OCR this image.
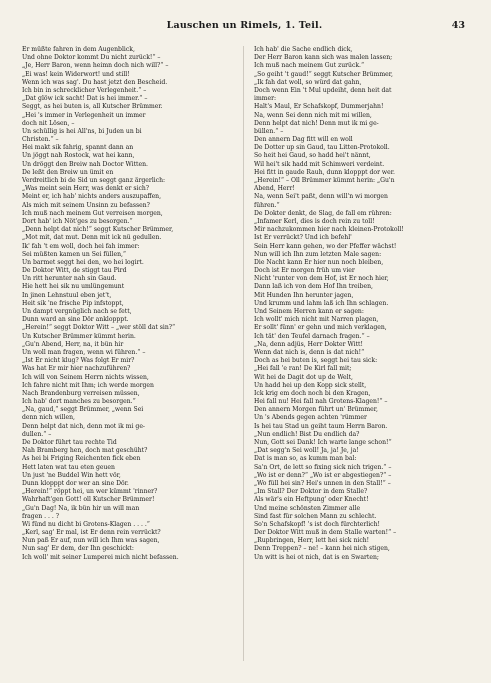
Lauschen un Rimels, 1. Teil.	43
Er müßte fahren in dem Augenblick,
Und ohne Doktor kommt Du nicht zurück!“ –
„Je, Herr Baron, wenn heimn doch nich will?“ –
„Ei was! kein Widerwort! und still!
Wenn ich was sag'. Du hast jetzt den Bescheid.
Ich bin in schrecklicher Verlegenheit.“ –
„Dat glöw ick sacht! Dat is hei immer.“ –
Seggt, as hei buten is, all Kutscher Brümmer.
„Hei 's immer in Verlegenheit un immer
doch nit Lösen, –
Un schüllig is hei All'ns, bi Juden un bi
Christen.“ –
Hei makt sik fahrig, spannt dann an
Un jöggt nah Rostock, wat hei kann,
Un dröggt den Breiw nah Doctor Witten.
De leßt den Breiw un ümit en
Verdreitlich bi de Sid un seggt ganz ärgerlich:
„Was meint sein Herr, was denkt er sich?
Meint er, ich hab' nichts anders auszupaffen,
Als mich mit seinem Unsinn zu befassen?
Ich muß nach meinem Gut verreisen morgen,
Dort hab' ich Nöt'ges zu besorgen.“
„Denn helpt dat nich!“ seggt Kutscher Brümmer,
„Mot mit, dat mut. Denn mit ick nü gedullen.
Ik' fah 't em woll, doch hei fah immer:
Sei müßten kamen un Sei füllen,“
Un barmet seggt hei den, wo hei logirt.
De Doktor Witt, de stiggt tau Pird
Un ritt herunter nah sin Gaud.
Hie hett hei sik nu umlüngemunt
In jinen Lehnstuul eben jet't,
Heit sik 'ne frische Pip infstoppt,
Un dampt vergnüglich nach se fett,
Dunn ward an sine Dör anklopppt.
„Herein!“ seggt Doktor Witt – „wer stöll dat sin?“
Un Kutscher Brümmer kümmt herin.
„Gu'n Abend, Herr, na, it bün hir
Un woll man fragen, wenn wi führen.“ –
„Ist Er nicht klug? Was folgt Er mir?
Was hat Er mir hier nachzuführen?
Ich will von Seinem Herrn nichts wissen,
Ich fahre nicht mit Ihm; ich werde morgen
Nach Brandenburg verreisen müssen,
Ich hab' dort manches zu besorgen.“
„Na, gaud,“ seggt Brümmer, „wenn Sei
denn nich willen,
Denn helpt dat nich, denn mot ik mi ge-
dullen.“ –
De Doktor führt tau rechte Tid
Nah Bramberg hen, doch mat geschüht?
As hei bi Friging Reichenten fick eben
Hett laten wat tau eten geuen
Un just 'ne Buddel Win hett vör,
Dunn klopppt dor wer an sine Dör.
„Herein!“ röppt hei, un wer kümmt 'rinner?
Wahrhaft'gen Gott! oll Kutscher Brümmer!
„Gu'n Dag! Na, ik bün hir un will man
fragen . . . ?
Wi fünd nu dicht bi Grotens-Klagen . . . .“
„Kerl, sag' Er mal, ist Er denn rein verrückt?
Nun paß Er auf, nun will ich Ihm was sagen,
Nun sag' Er dem, der Ihn geschickt:
Ich woll' mit seiner Lumperei mich nicht befassen.
Ich hab' die Sache endlich dick,
Der Herr Baron kann sich was malen lassen;
Ich muß nach meinem Gut zurück.“
„So geiht 't gaud!“ seggt Kutscher Brümmer,
„Ik fah dat woll, so würd dat gahn,
Doch wenn Ein 't Mul updeiht, denn heit dat
immer:
Halt's Maul, Er Schafskopf, Dummerjahn!
Na, wenn Sei denn nich mit mi willen,
Denn helpt dat nich! Denn mut ik mi ge-
büllen.“ –
Den annern Dag fitt will en woll
De Dotter up sin Gaud, tau Litten-Protokoll.
So heit hei Gaud, so hadd hei't nännt,
Wil hei't sik hadd mit Schimweri verdeint.
Hei fitt in gaude Rauh, dunn klopppt dor wer.
„Herein!“ – Oll Brümmer kümmt herin: „Gu'n
Abend, Herr!
Na, wenn Sei't paßt, denn will'n wi morgen
führen.“
De Dokter denkt, de Slag, de fall em rühren:
„Infamer Kerl, dies is doch rein zu toll!
Mir nachzukommen hier nach kleinen-Protokoll!
Ist Er verrückt? Und ich befehl'
Sein Herr kann gehen, wo der Pfeffer wächst!
Nun will ich Ihn zum letzten Male sagen:
Die Nacht kann Er hier nun noch bleiben,
Doch ist Er morgen früh um vier
Nicht 'runter von dem Hof, ist Er noch hier,
Dann laß ich von dem Hof Ihn treiben,
Mit Hunden Ihn herunter jagen,
Und krumm und lahm laß ich Ihn schlagen.
Und Seinem Herren kann er sagen:
Ich wollt' mich nicht mit Narren plagen,
Er sollt' fünn' er gehn und mich verklagen,
Ich tät' den Teufel darnach fragen.“ –
„Na, denn adjüs, Herr Dokter Witt!
Wenn dat nich is, denn is dat nich!“
Doch as hei buten is, seggt hei tau sick:
„Hei fall 'e ran! De Kirl fall mit;
Wit hei de Dagit dot up de Welt,
Un hadd hei up den Kopp sick stellt,
Ick krig em doch noch bi den Kragen,
Hei fall nu! Hei fall nah Grotens-Klagen!“ –
Den annern Morgen führt un' Brümmer,
Un 's Abends gegen achten 'rümmer
Is hei tau Stad un geiht taum Herrn Baron.
„Nun endlich! Bist Du endlich da?
Nun, Gott sei Dank! Ich warte lange schon!“
„Dat segg'n Sei woll! Ja, ja! Je, ja!
Dat is man so, as kumm man bal:
Sa'n Ort, de lett so fixing sick nich trigen.“ –
„Wo ist er denn?“ „Wo ist er abgestiegen?“ –
„Wo füll hei sin? Hei's unnen in den Stall!“ –
„Im Stall? Der Doktor in dem Stalle?
Als wär's ein Heftpung' oder Knecht!
Und meine schönsten Zimmer alle
Sind fast für solchen Mann zu schlecht.
So'n Schafskopf! 's ist doch fürchterlich!
Der Doktor Witt muß in dem Stalle warten!“ –
„Rupbringen, Herr, lett hei sick nich!
Denn Treppen? – ne! – kann hei nich stigen,
Un witt is hei ot nich, dat is en Swarten;
